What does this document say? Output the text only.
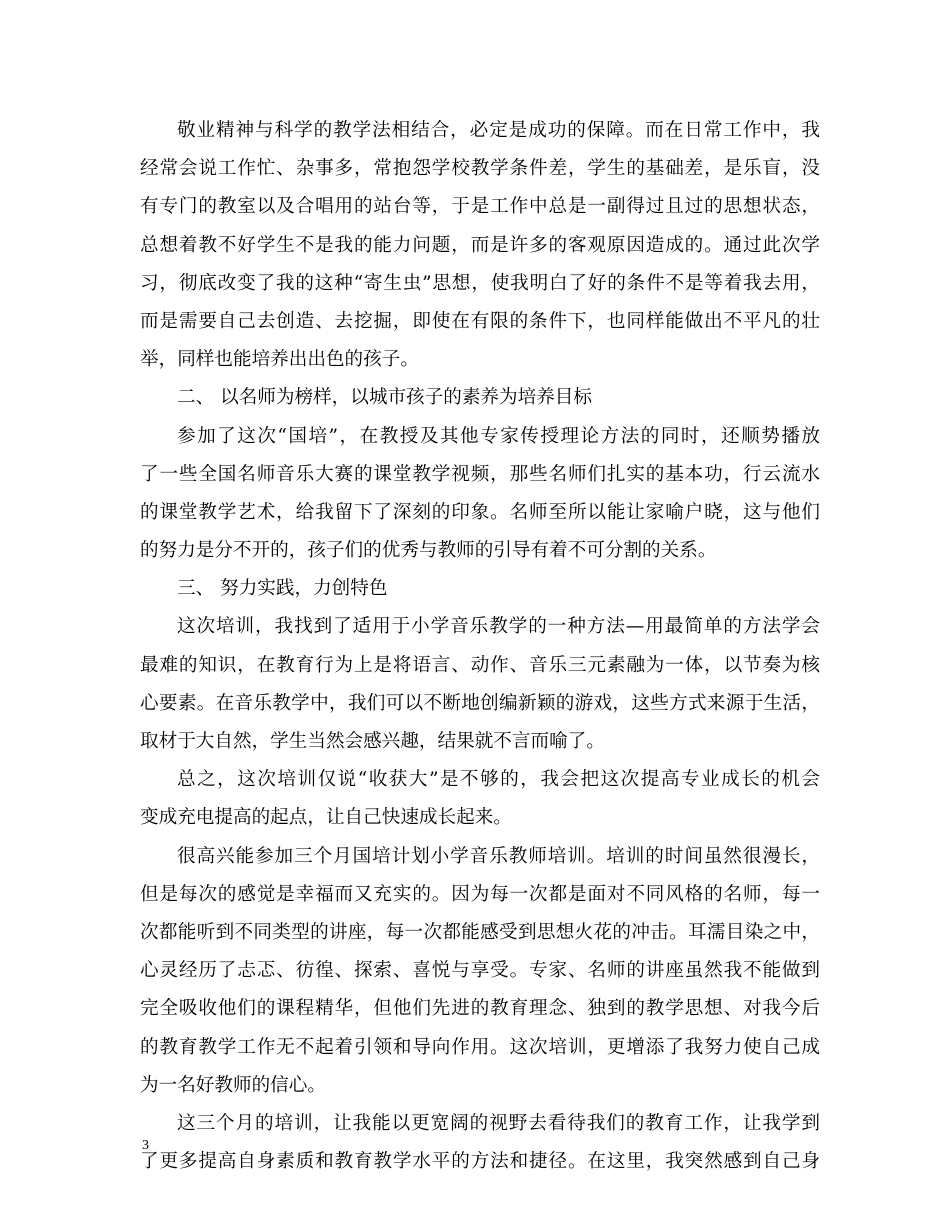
敬业精神与科学的教学法相结合，必定是成功的保障。而在日常工作中，我
经常会说工作忙、杂事多，常抱怨学校教学条件差，学生的基础差，是乐盲，没
有专门的教室以及合唱用的站台等，于是工作中总是一副得过且过的思想状态，
总想着教不好学生不是我的能力问题，而是许多的客观原因造成的。通过此次学
习，彻底改变了我的这种“寄生虫”思想，使我明白了好的条件不是等着我去用，
而是需要自己去创造、去挖掘，即使在有限的条件下，也同样能做出不平凡的壮
举，同样也能培养出出色的孩子。
二、 以名师为榜样，以城市孩子的素养为培养目标
参加了这次“国培”，在教授及其他专家传授理论方法的同时，还顺势播放
了一些全国名师音乐大赛的课堂教学视频，那些名师们扎实的基本功，行云流水
的课堂教学艺术，给我留下了深刻的印象。名师至所以能让家喻户晓，这与他们
的努力是分不开的，孩子们的优秀与教师的引导有着不可分割的关系。
三、 努力实践，力创特色
这次培训，我找到了适用于小学音乐教学的一种方法—用最简单的方法学会
最难的知识，在教育行为上是将语言、动作、音乐三元素融为一体，以节奏为核
心要素。在音乐教学中，我们可以不断地创编新颖的游戏，这些方式来源于生活，
取材于大自然，学生当然会感兴趣，结果就不言而喻了。
总之，这次培训仅说“收获大”是不够的，我会把这次提高专业成长的机会
变成充电提高的起点，让自己快速成长起来。
很高兴能参加三个月国培计划小学音乐教师培训。培训的时间虽然很漫长，
但是每次的感觉是幸福而又充实的。因为每一次都是面对不同风格的名师，每一
次都能听到不同类型的讲座，每一次都能感受到思想火花的冲击。耳濡目染之中，
心灵经历了忐忑、彷徨、探索、喜悦与享受。专家、名师的讲座虽然我不能做到
完全吸收他们的课程精华，但他们先进的教育理念、独到的教学思想、对我今后
的教育教学工作无不起着引领和导向作用。这次培训，更增添了我努力使自己成
为一名好教师的信心。
这三个月的培训，让我能以更宽阔的视野去看待我们的教育工作，让我学到
了更多提高自身素质和教育教学水平的方法和捷径。在这里，我突然感到自己身
3
